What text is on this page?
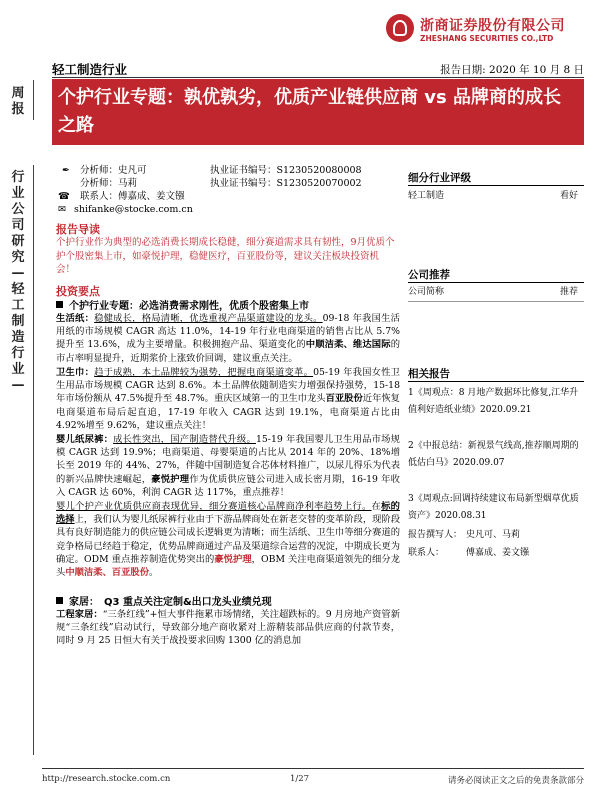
浙商证券股份有限公司
ZHESHANG SECURITIES CO.,LTD
轻工制造行业	报告日期: 2020 年 10 月 8 日
个护行业专题：孰优孰劣，优质产业链供应商 vs 品牌商的成长之路
周报
行业公司研究—轻工制造行业—
✒ 分析师：史凡可	执业证书编号：S1230520080008
分析师：马莉	执业证书编号：S1230520070002
☎ 联系人：傅嘉成、姜文镪
✉ shifanke@stocke.com.cn
报告导读
个护行业作为典型的必选消费长期成长稳健，细分赛道需求具有韧性，9月优质个护个股密集上市，如豪悦护理，稳健医疗，百亚股份等，建议关注板块投资机会！
投资要点
个护行业专题：必选消费需求刚性，优质个股密集上市
生活纸：稳健成长，格局清晰，优选重视产品渠道建设的龙头。09-18 年我国生活用纸的市场规模 CAGR 高达 11.0%，14-19 年行业电商渠道的销售占比从 5.7%提升至 13.6%，成为主要增量。积极拥抱产品、渠道变化的中顺洁柔、维达国际的市占率明显提升，近期浆价上涨致价回调，建议重点关注。
卫生巾：趋于成熟，本土品牌较为强势，把握电商渠道变革。05-19 年我国女性卫生用品市场规模 CAGR 达到 8.6%。本土品牌依随制造实力增强保持强势，15-18 年市场份额从 47.5%提升至 48.7%。重庆区域第一的卫生巾龙头百亚股份近年恢复电商渠道布局后起直追，17-19 年收入 CAGR 达到 19.1%，电商渠道占比由 4.92%增至 9.62%，建议重点关注！
婴儿纸尿裤：成长性突出，国产制造替代升级。15-19 年我国婴儿卫生用品市场规模 CAGR 达到 19.9%；电商渠道、母婴渠道的占比从 2014 年的 20%、18%增长至 2019 年的 44%、27%，伴随中国制造复合芯体材料推广，以尿儿得乐为代表的新兴品牌快速崛起，豪悦护理作为优质供应链公司进入成长密月期，16-19 年收入 CAGR 达 60%，利润 CAGR 达 117%，重点推荐！
婴儿个护产业优质供应商表现优异，细分赛道核心品牌商净利率趋势上行。在标的选择上，我们认为婴儿纸尿裤行业由于下游品牌商处在新老交替的变革阶段，现阶段具有良好制造能力的供应链公司成长逻辑更为清晰；而生活纸、卫生巾等细分赛道的竞争格局已经趋于稳定，优势品牌商通过产品及渠道综合运营的况淀，中期成长更为确定。ODM 重点推荐制造优势突出的豪悦护理，OBM 关注电商渠道领先的细分龙头中顺洁柔、百亚股份。
家居：　Q3 重点关注定制&出口龙头业绩兑现
工程家居：“三条红线”+恒大事件拖累市场情绪，关注超跌标的。9 月房地产资管新规“三条红线”启动试行，导致部分地产商收紧对上游精装部品供应商的付款节奏，同时 9 月 25 日恒大有关于战投要求回购 1300 亿的消息加
细分行业评级
轻工制造	看好
公司推荐
公司简称	推荐
相关报告
1《周观点：8 月地产数据环比修复,江华升值利好造纸业绩》2020.09.21
2《中报总结：新视景气线高,推荐顺周期的低估白马》2020.09.07
3《周观点:回调持续建议布局新型烟草优质资产》2020.08.31
报告撰写人： 史凡可、马莉
联系人： 傅嘉成、姜文镪
http://research.stocke.com.cn	1/27	请务必阅读正文之后的免责条款部分
